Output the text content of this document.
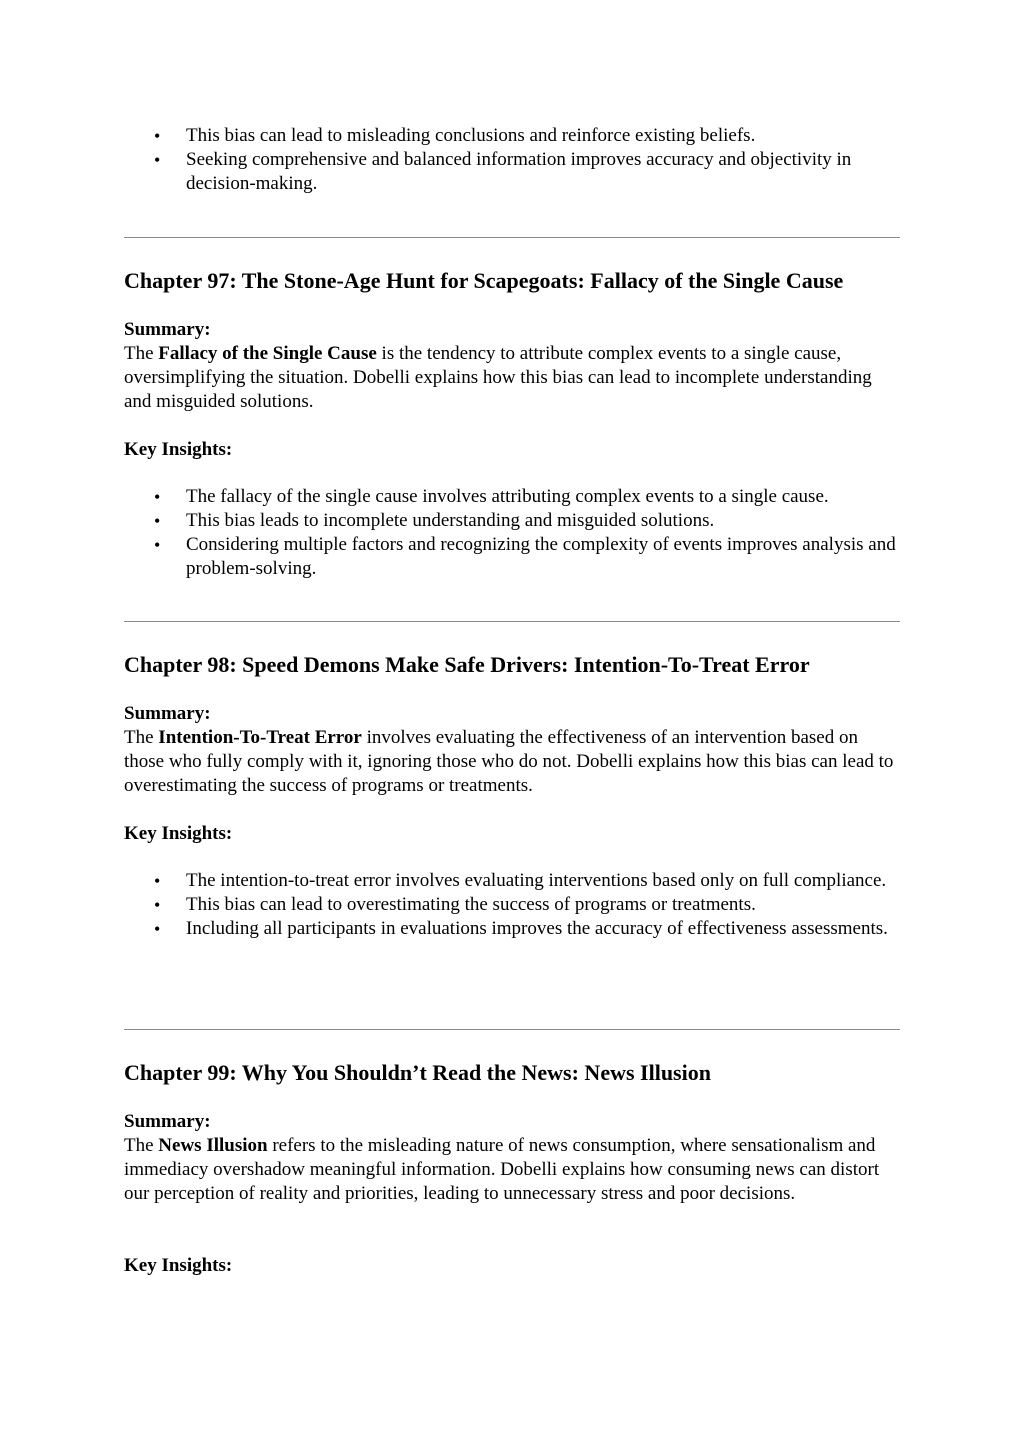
• This bias can lead to misleading conclusions and reinforce existing beliefs.
• Seeking comprehensive and balanced information improves accuracy and objectivity in decision-making.
Chapter 97: The Stone-Age Hunt for Scapegoats: Fallacy of the Single Cause
Summary:
The Fallacy of the Single Cause is the tendency to attribute complex events to a single cause, oversimplifying the situation. Dobelli explains how this bias can lead to incomplete understanding and misguided solutions.
Key Insights:
• The fallacy of the single cause involves attributing complex events to a single cause.
• This bias leads to incomplete understanding and misguided solutions.
• Considering multiple factors and recognizing the complexity of events improves analysis and problem-solving.
Chapter 98: Speed Demons Make Safe Drivers: Intention-To-Treat Error
Summary:
The Intention-To-Treat Error involves evaluating the effectiveness of an intervention based on those who fully comply with it, ignoring those who do not. Dobelli explains how this bias can lead to overestimating the success of programs or treatments.
Key Insights:
• The intention-to-treat error involves evaluating interventions based only on full compliance.
• This bias can lead to overestimating the success of programs or treatments.
• Including all participants in evaluations improves the accuracy of effectiveness assessments.
Chapter 99: Why You Shouldn’t Read the News: News Illusion
Summary:
The News Illusion refers to the misleading nature of news consumption, where sensationalism and immediacy overshadow meaningful information. Dobelli explains how consuming news can distort our perception of reality and priorities, leading to unnecessary stress and poor decisions.
Key Insights:
